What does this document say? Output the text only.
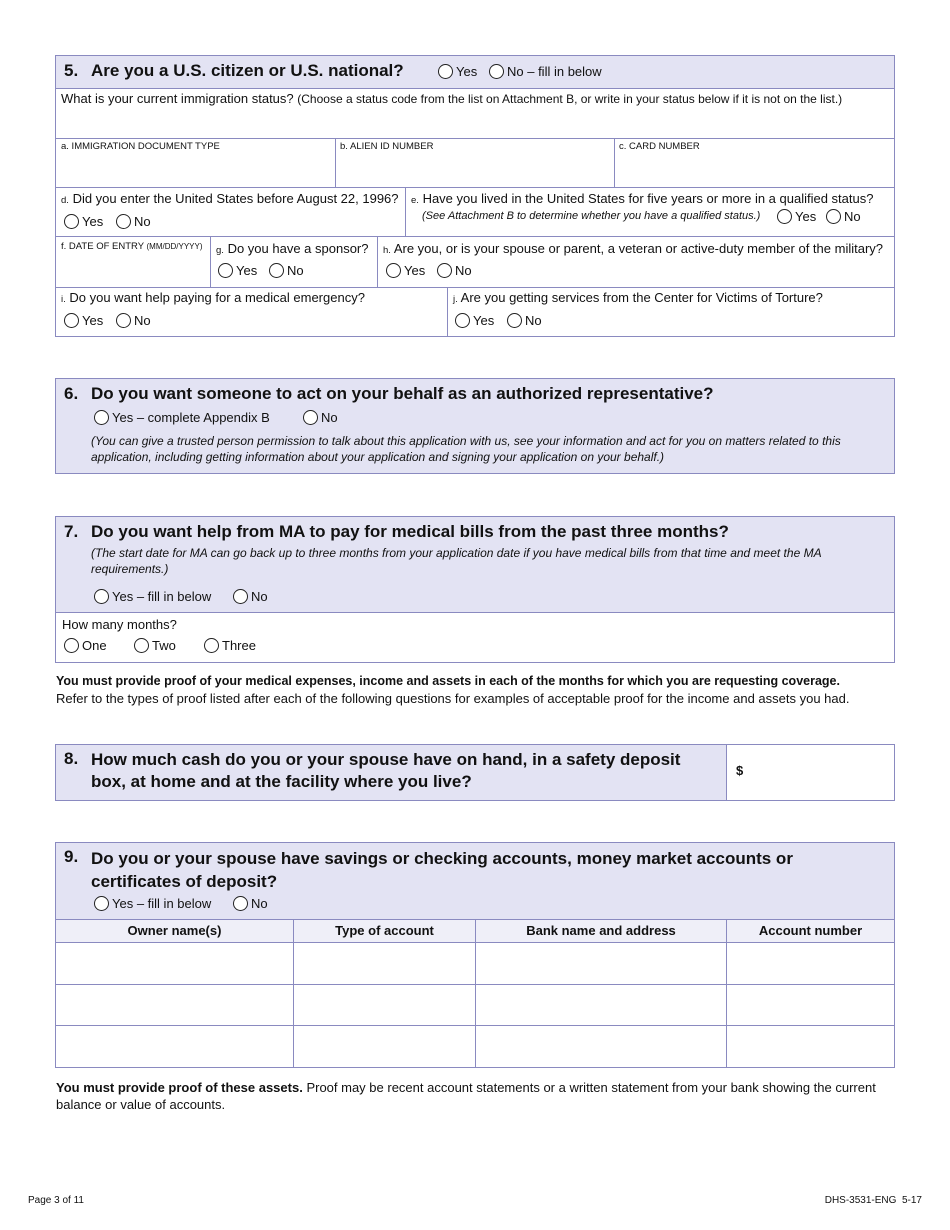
5. Are you a U.S. citizen or U.S. national?	Yes No – fill in below
What is your current immigration status? (Choose a status code from the list on Attachment B, or write in your status below if it is not on the list.)
a. IMMIGRATION DOCUMENT TYPE	b. ALIEN ID NUMBER	c. CARD NUMBER
d. Did you enter the United States before August 22, 1996?
Yes No
e. Have you lived in the United States for five years or more in a qualified status?
(See Attachment B to determine whether you have a qualified status.)	Yes No
f. DATE OF ENTRY (MM/DD/YYYY) g. Do you have a sponsor?
Yes No
h. Are you, or is your spouse or parent, a veteran or active-duty member of the military?
Yes No
i. Do you want help paying for a medical emergency?
Yes No
j. Are you getting services from the Center for Victims of Torture?
Yes No
6. Do you want someone to act on your behalf as an authorized representative?
Yes – complete Appendix B	No
(You can give a trusted person permission to talk about this application with us, see your information and act for you on matters related to this application, including getting information about your application and signing your application on your behalf.)
7. Do you want help from MA to pay for medical bills from the past three months?
(The start date for MA can go back up to three months from your application date if you have medical bills from that time and meet the MA requirements.)
Yes – fill in below	No
How many months?
One	Two	Three
You must provide proof of your medical expenses, income and assets in each of the months for which you are requesting coverage.
Refer to the types of proof listed after each of the following questions for examples of acceptable proof for the income and assets you had.
8. How much cash do you or your spouse have on hand, in a safety deposit box, at home and at the facility where you live?
$
9. Do you or your spouse have savings or checking accounts, money market accounts or certificates of deposit?
Yes – fill in below	No
Owner name(s)	Type of account	Bank name and address	Account number
You must provide proof of these assets. Proof may be recent account statements or a written statement from your bank showing the current balance or value of accounts.
Page 3 of 11	DHS-3531-ENG  5-17
